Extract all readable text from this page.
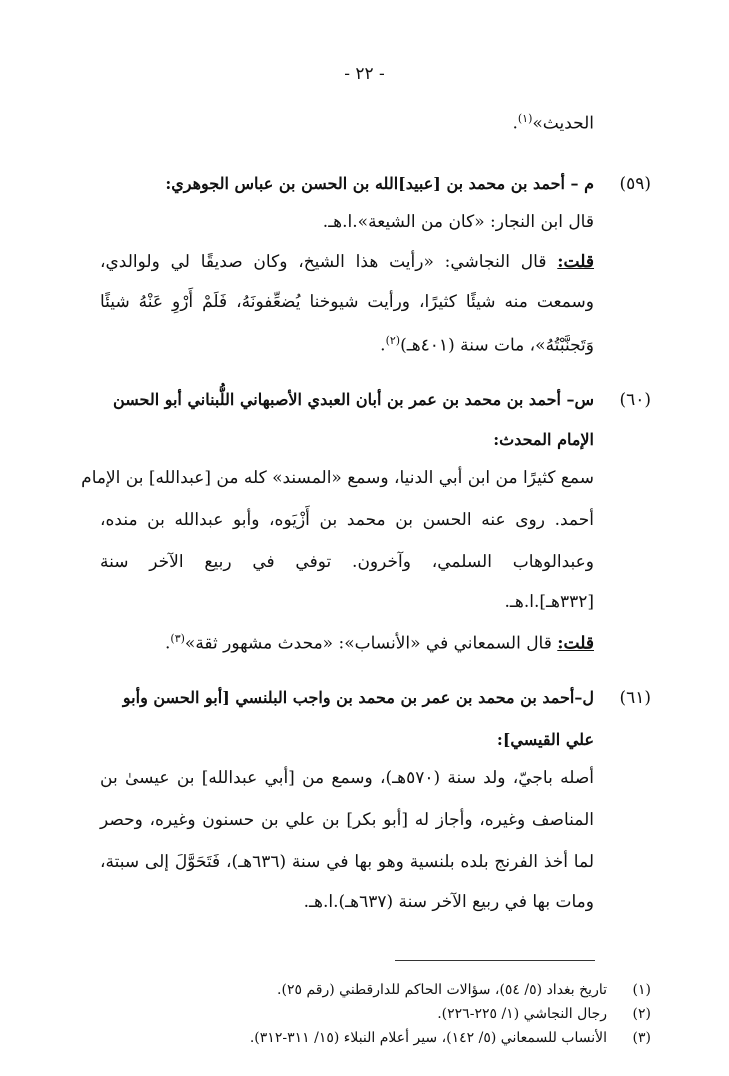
- ٢٢ -
الحديث»$^{(١)}$.
(٥٩)
م – أحمد بن محمد بن [عبيد]الله بن الحسن بن عباس الجوهري:
قال ابن النجار: «كان من الشيعة».ا.هـ.
قلت: قال النجاشي: «رأيت هذا الشيخ، وكان صديقًا لي ولوالدي،
وسمعت منه شيئًا كثيرًا، ورأيت شيوخنا يُضعِّفونَهُ، فَلَمْ أَرْوِ عَنْهُ شيئًا
وَتَجنَّبْتُهُ»، مات سنة (٤٠١هـ)$^{(٢)}$.
(٦٠)
س– أحمد بن محمد بن عمر بن أبان العبدي الأصبهاني اللُّبناني أبو الحسن
الإمام المحدث:
سمع كثيرًا من ابن أبي الدنيا، وسمع «المسند» كله من [عبدالله] بن الإمام
أحمد. روى عنه الحسن بن محمد بن أَزْيَوه، وأبو عبدالله بن منده،
وعبدالوهاب السلمي، وآخرون. توفي في ربيع الآخر سنة
[٣٣٢هـ].ا.هـ.
قلت: قال السمعاني في «الأنساب»: «محدث مشهور ثقة»$^{(٣)}$.
(٦١)
ل–أحمد بن محمد بن عمر بن محمد بن واجب البلنسي [أبو الحسن وأبو
علي القيسي]:
أصله باجيّ، ولد سنة (٥٧٠هـ)، وسمع من [أبي عبدالله] بن عيسىٰ بن
المناصف وغيره، وأجاز له [أبو بكر] بن علي بن حسنون وغيره، وحصر
لما أخذ الفرنج بلده بلنسية وهو بها في سنة (٦٣٦هـ)، فَتَحَوَّلَ إلى سبتة،
ومات بها في ربيع الآخر سنة (٦٣٧هـ).ا.هـ.
(١)
تاريخ بغداد (٥/ ٥٤)، سؤالات الحاكم للدارقطني (رقم ٢٥).
(٢)
رجال النجاشي (١/ ٢٢٥-٢٢٦).
(٣)
الأنساب للسمعاني (٥/ ١٤٢)، سير أعلام النبلاء (١٥/ ٣١١-٣١٢).
